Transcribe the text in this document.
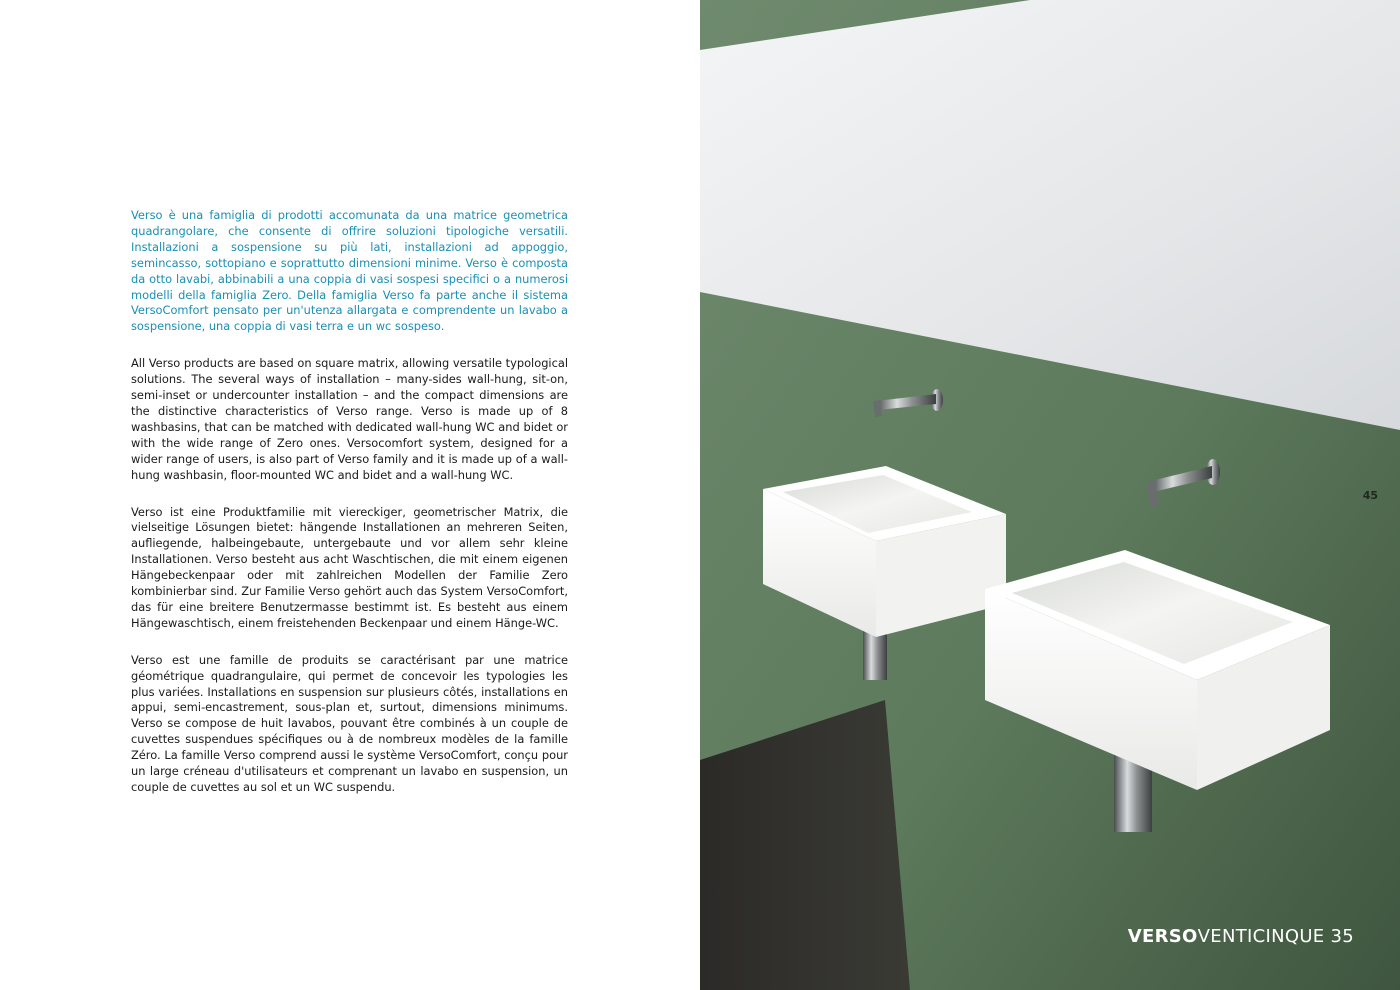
Verso è una famiglia di prodotti accomunata da una matrice geometrica quadrangolare, che consente di offrire soluzioni tipologiche versatili. Installazioni a sospensione su più lati, installazioni ad appoggio, semincasso, sottopiano e soprattutto dimensioni minime. Verso è composta da otto lavabi, abbinabili a una coppia di vasi sospesi specifici o a numerosi modelli della famiglia Zero. Della famiglia Verso fa parte anche il sistema VersoComfort pensato per un'utenza allargata e comprendente un lavabo a sospensione, una coppia di vasi terra e un wc sospeso.

All Verso products are based on square matrix, allowing versatile typological solutions. The several ways of installation – many-sides wall-hung, sit-on, semi-inset or undercounter installation – and the compact dimensions are the distinctive characteristics of Verso range. Verso is made up of 8 washbasins, that can be matched with dedicated wall-hung WC and bidet or with the wide range of Zero ones. Versocomfort system, designed for a wider range of users, is also part of Verso family and it is made up of a wall-hung washbasin, floor-mounted WC and bidet and a wall-hung WC.

Verso ist eine Produktfamilie mit viereckiger, geometrischer Matrix, die vielseitige Lösungen bietet: hängende Installationen an mehreren Seiten, aufliegende, halbeingebaute, untergebaute und vor allem sehr kleine Installationen. Verso besteht aus acht Waschtischen, die mit einem eigenen Hängebeckenpaar oder mit zahlreichen Modellen der Familie Zero kombinierbar sind. Zur Familie Verso gehört auch das System VersoComfort, das für eine breitere Benutzermasse bestimmt ist. Es besteht aus einem Hängewaschtisch, einem freistehenden Beckenpaar und einem Hänge-WC.

Verso est une famille de produits se caractérisant par une matrice géométrique quadrangulaire, qui permet de concevoir les typologies les plus variées. Installations en suspension sur plusieurs côtés, installations en appui, semi-encastrement, sous-plan et, surtout, dimensions minimums. Verso se compose de huit lavabos, pouvant être combinés à un couple de cuvettes suspendues spécifiques ou à de nombreux modèles de la famille Zéro. La famille Verso comprend aussi le système VersoComfort, conçu pour un large créneau d'utilisateurs et comprenant un lavabo en suspension, un couple de cuvettes au sol et un WC suspendu.

45
VERSOVENTICINQUE 35
